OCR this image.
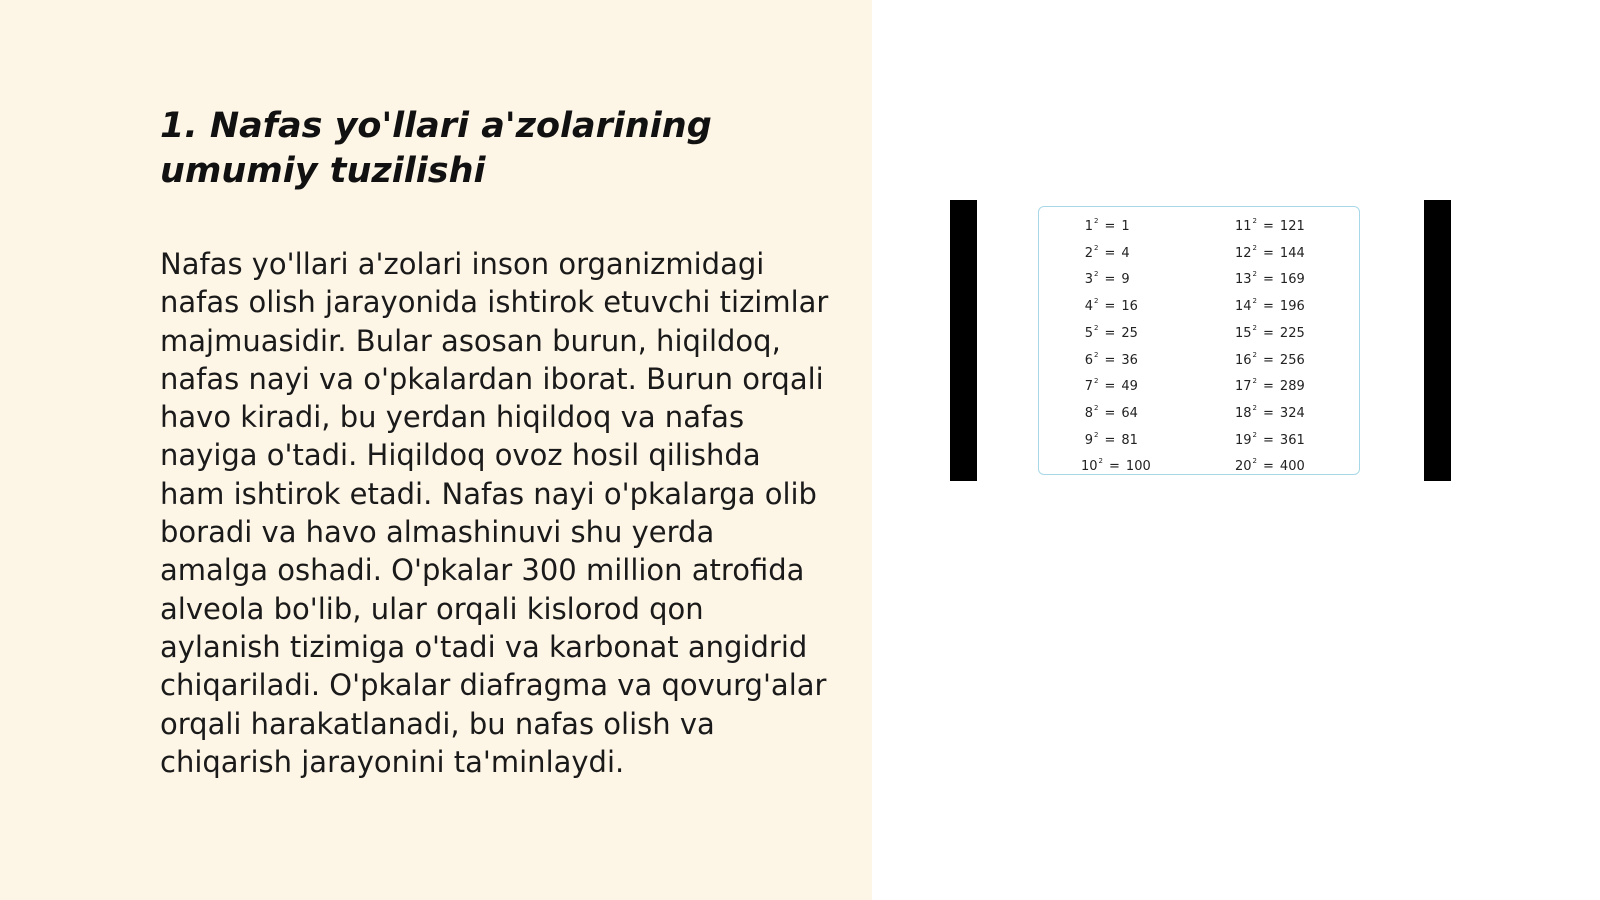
1. Nafas yo'llari a'zolarining umumiy tuzilishi

Nafas yo'llari a'zolari inson organizmidagi nafas olish jarayonida ishtirok etuvchi tizimlar majmuasidir. Bular asosan burun, hiqildoq, nafas nayi va o'pkalardan iborat. Burun orqali havo kiradi, bu yerdan hiqildoq va nafas nayiga o'tadi. Hiqildoq ovoz hosil qilishda ham ishtirok etadi. Nafas nayi o'pkalarga olib boradi va havo almashinuvi shu yerda amalga oshadi. O'pkalar 300 million atrofida alveola bo'lib, ular orqali kislorod qon aylanish tizimiga o'tadi va karbonat angidrid chiqariladi. O'pkalar diafragma va qovurg'alar orqali harakatlanadi, bu nafas olish va chiqarish jarayonini ta'minlaydi.

$1^2 = 1$	$11^2 = 121$
$2^2 = 4$	$12^2 = 144$
$3^2 = 9$	$13^2 = 169$
$4^2 = 16$	$14^2 = 196$
$5^2 = 25$	$15^2 = 225$
$6^2 = 36$	$16^2 = 256$
$7^2 = 49$	$17^2 = 289$
$8^2 = 64$	$18^2 = 324$
$9^2 = 81$	$19^2 = 361$
$10^2 = 100$	$20^2 = 400$
